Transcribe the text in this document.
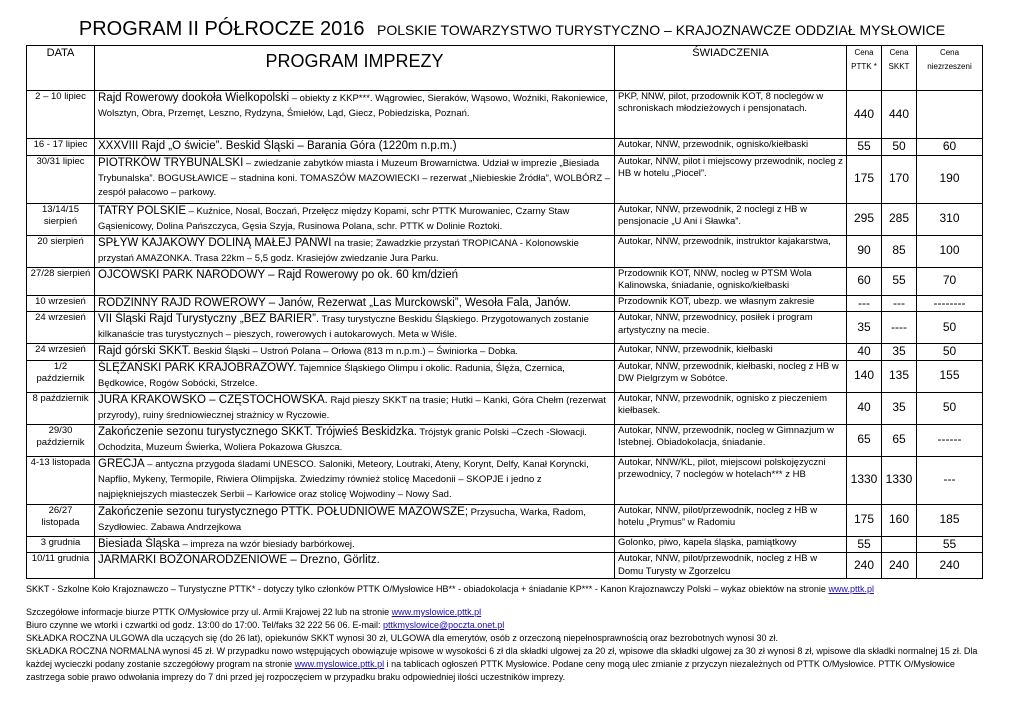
PROGRAM II PÓŁROCZE 2016 POLSKIE TOWARZYSTWO TURYSTYCZNO – KRAJOZNAWCZE ODDZIAŁ MYSŁOWICE
DATA	PROGRAM IMPREZY	ŚWIADCZENIA	Cena PTTK *	Cena SKKT	Cena niezrzeszeni
2 – 10 lipiec	Rajd Rowerowy dookoła Wielkopolski – obiekty z KKP***. Wągrowiec, Sieraków, Wąsowo, Woźniki, Rakoniewice, Wolsztyn, Obra, Przemęt, Leszno, Rydzyna, Śmiełów, Ląd, Giecz, Pobiedziska, Poznań.	PKP, NNW, pilot, przodownik KOT, 8 noclegów w schroniskach młodzieżowych i pensjonatach.	440	440	
16 - 17 lipiec	XXXVIII Rajd „O świcie”. Beskid Śląski – Barania Góra (1220m n.p.m.)	Autokar, NNW, przewodnik, ognisko/kiełbaski	55	50	60
30/31 lipiec	PIOTRKÓW TRYBUNALSKI – zwiedzanie zabytków miasta i Muzeum Browarnictwa. Udział w imprezie „Biesiada Trybunalska”. BOGUSŁAWICE – stadnina koni. TOMASZÓW MAZOWIECKI – rezerwat „Niebieskie Źródła”, WOLBÓRZ – zespół pałacowo – parkowy.	Autokar, NNW, pilot i miejscowy przewodnik, nocleg z HB w hotelu „Piocel”.	175	170	190
13/14/15 sierpień	TATRY POLSKIE – Kuźnice, Nosal, Boczań, Przełęcz między Kopami, schr PTTK Murowaniec, Czarny Staw Gąsienicowy, Dolina Pańszczyca, Gęsia Szyja, Rusinowa Polana, schr. PTTK w Dolinie Roztoki.	Autokar, NNW, przewodnik, 2 noclegi z HB w pensjonacie „U Ani i Sławka”.	295	285	310
20 sierpień	SPŁYW KAJAKOWY DOLINĄ MAŁEJ PANWI na trasie; Zawadzkie przystań TROPICANA - Kolonowskie przystań AMAZONKA. Trasa 22km – 5,5 godz. Krasiejów zwiedzanie Jura Parku.	Autokar, NNW, przewodnik, instruktor kajakarstwa,	90	85	100
27/28 sierpień	OJCOWSKI PARK NARODOWY – Rajd Rowerowy po ok. 60 km/dzień	Przodownik KOT, NNW, nocleg w PTSM Wola Kalinowska, śniadanie, ognisko/kiełbaski	60	55	70
10 wrzesień	RODZINNY RAJD ROWEROWY – Janów, Rezerwat „Las Murckowski”, Wesoła Fala, Janów.	Przodownik KOT, ubezp. we własnym zakresie	---	---	--------
24 wrzesień	VII Śląski Rajd Turystyczny „BEZ BARIER”. Trasy turystyczne Beskidu Śląskiego. Przygotowanych zostanie kilkanaście tras turystycznych – pieszych, rowerowych i autokarowych. Meta w Wiśle.	Autokar, NNW, przewodnicy, posiłek i program artystyczny na mecie.	35	----	50
24 wrzesień	Rajd górski SKKT. Beskid Śląski – Ustroń Polana – Orłowa (813 m n.p.m.) – Świniorka – Dobka.	Autokar, NNW, przewodnik, kiełbaski	40	35	50
1/2 październik	ŚLĘŻAŃSKI PARK KRAJOBRAZOWY. Tajemnice Śląskiego Olimpu i okolic. Radunia, Ślęża, Czernica, Będkowice, Rogów Sobócki, Strzelce.	Autokar, NNW, przewodnik, kiełbaski, nocleg z HB w DW Pielgrzym w Sobótce.	140	135	155
8 październik	JURA KRAKOWSKO – CZĘSTOCHOWSKA. Rajd pieszy SKKT na trasie; Hutki – Kanki, Góra Chełm (rezerwat przyrody), ruiny średniowiecznej strażnicy w Ryczowie.	Autokar, NNW, przewodnik, ognisko z pieczeniem kiełbasek.	40	35	50
29/30 październik	Zakończenie sezonu turystycznego SKKT. Trójwieś Beskidzka. Trójstyk granic Polski –Czech -Słowacji. Ochodzita, Muzeum Świerka, Woliera Pokazowa Głuszca.	Autokar, NNW, przewodnik, nocleg w Gimnazjum w Istebnej. Obiadokolacja, śniadanie.	65	65	------
4-13 listopada	GRECJA – antyczna przygoda śladami UNESCO. Saloniki, Meteory, Loutraki, Ateny, Korynt, Delfy, Kanał Koryncki, Napflio, Mykeny, Termopile, Riwiera Olimpijska. Zwiedzimy również stolicę Macedonii – SKOPJE i jedno z najpiękniejszych miasteczek Serbii – Karłowice oraz stolicę Wojwodiny – Nowy Sad.	Autokar, NNW/KL, pilot, miejscowi polskojęzyczni przewodnicy, 7 noclegów w hotelach*** z HB	1330	1330	---
26/27 listopada	Zakończenie sezonu turystycznego PTTK. POŁUDNIOWE MAZOWSZE; Przysucha, Warka, Radom, Szydłowiec. Zabawa Andrzejkowa	Autokar, NNW, pilot/przewodnik, nocleg z HB w hotelu „Prymus” w Radomiu	175	160	185
3 grudnia	Biesiada Śląska – impreza na wzór biesiady barbórkowej.	Golonko, piwo, kapela śląska, pamiątkowy	55		55
10/11 grudnia	JARMARKI BOŻONARODZENIOWE – Drezno, Görlitz.	Autokar, NNW, pilot/przewodnik, nocleg z HB w Domu Turysty w Zgorzelcu	240	240	240

SKKT - Szkolne Koło Krajoznawczo – Turystyczne PTTK* - dotyczy tylko członków PTTK O/Mysłowice HB** - obiadokolacja + śniadanie KP*** - Kanon Krajoznawczy Polski – wykaz obiektów na stronie www.pttk.pl

Szczegółowe informacje biurze PTTK O/Mysłowice przy ul. Armii Krajowej 22 lub na stronie www.myslowice.pttk.pl

Biuro czynne we wtorki i czwartki od godz. 13:00 do 17:00. Tel/faks 32 222 56 06. E-mail: pttkmyslowice@poczta.onet.pl

SKŁADKA ROCZNA ULGOWA dla uczących się (do 26 lat), opiekunów SKKT wynosi 30 zł, ULGOWA dla emerytów, osób z orzeczoną niepełnosprawnością oraz bezrobotnych wynosi 30 zł.

SKŁADKA ROCZNA NORMALNA wynosi 45 zł. W przypadku nowo wstępujących obowiązuje wpisowe w wysokości 6 zł dla składki ulgowej za 20 zł, wpisowe dla składki ulgowej za 30 zł wynosi 8 zł, wpisowe dla składki normalnej 15 zł. Dla każdej wycieczki podany zostanie szczegółowy program na stronie www.myslowice.pttk.pl i na tablicach ogłoszeń PTTK Mysłowice. Podane ceny mogą ulec zmianie z przyczyn niezależnych od PTTK O/Mysłowice. PTTK O/Mysłowice zastrzega sobie prawo odwołania imprezy do 7 dni przed jej rozpoczęciem w przypadku braku odpowiedniej ilości uczestników imprezy.
